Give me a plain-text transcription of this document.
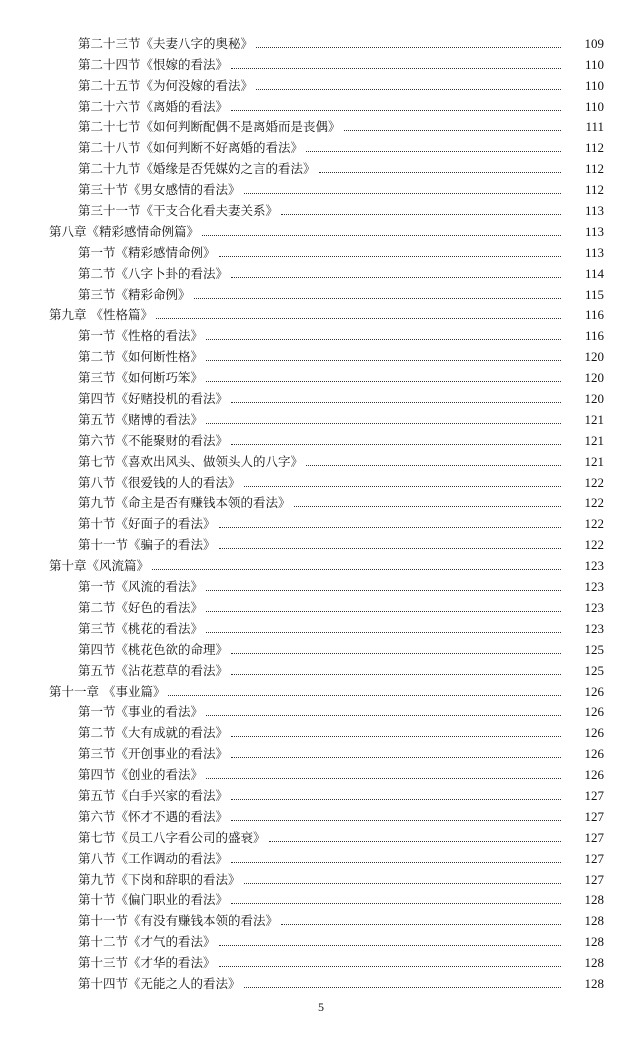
第二十三节《夫妻八字的奥秘》	109
第二十四节《恨嫁的看法》	110
第二十五节《为何没嫁的看法》	110
第二十六节《离婚的看法》	110
第二十七节《如何判断配偶不是离婚而是丧偶》	111
第二十八节《如何判断不好离婚的看法》	112
第二十九节《婚缘是否凭媒妁之言的看法》	112
第三十节《男女感情的看法》	112
第三十一节《干支合化看夫妻关系》	113
第八章《精彩感情命例篇》	113
第一节《精彩感情命例》	113
第二节《八字卜卦的看法》	114
第三节《精彩命例》	115
第九章 《性格篇》	116
第一节《性格的看法》	116
第二节《如何断性格》	120
第三节《如何断巧笨》	120
第四节《好赌投机的看法》	120
第五节《赌博的看法》	121
第六节《不能聚财的看法》	121
第七节《喜欢出风头、做领头人的八字》	121
第八节《很爱钱的人的看法》	122
第九节《命主是否有赚钱本领的看法》	122
第十节《好面子的看法》	122
第十一节《骗子的看法》	122
第十章《风流篇》	123
第一节《风流的看法》	123
第二节《好色的看法》	123
第三节《桃花的看法》	123
第四节《桃花色欲的命理》	125
第五节《沾花惹草的看法》	125
第十一章 《事业篇》	126
第一节《事业的看法》	126
第二节《大有成就的看法》	126
第三节《开创事业的看法》	126
第四节《创业的看法》	126
第五节《白手兴家的看法》	127
第六节《怀才不遇的看法》	127
第七节《员工八字看公司的盛衰》	127
第八节《工作调动的看法》	127
第九节《下岗和辞职的看法》	127
第十节《偏门职业的看法》	128
第十一节《有没有赚钱本领的看法》	128
第十二节《才气的看法》	128
第十三节《才华的看法》	128
第十四节《无能之人的看法》	128
5
